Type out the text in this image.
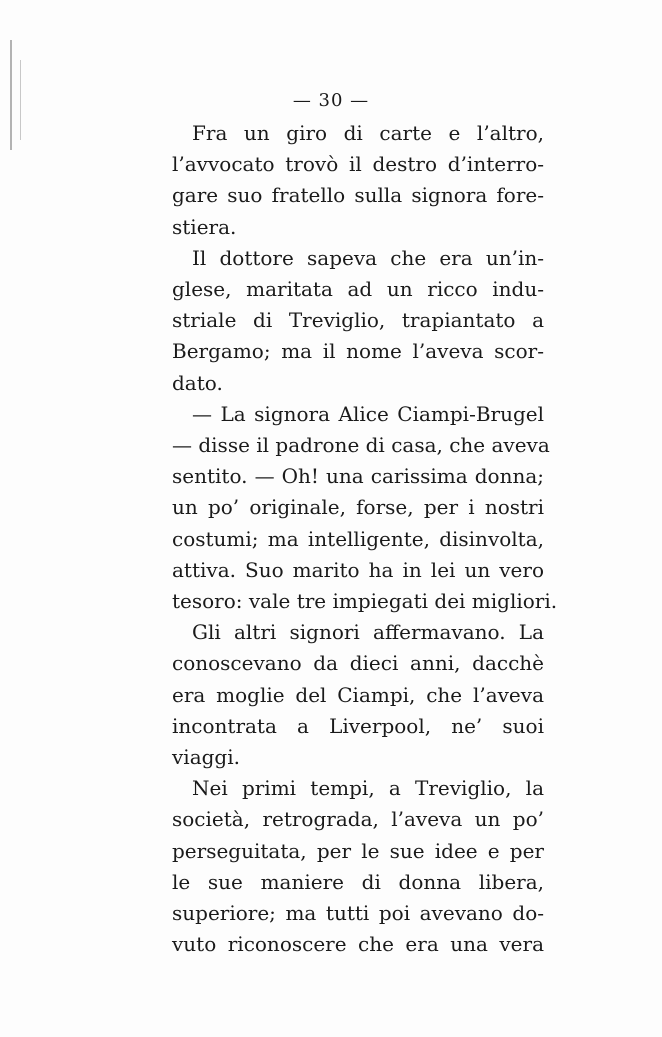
— 30 —
Fra un giro di carte e l’altro,
l’avvocato trovò il destro d’interro-
gare suo fratello sulla signora fore-
stiera.
Il dottore sapeva che era un’in-
glese, maritata ad un ricco indu-
striale di Treviglio, trapiantato a
Bergamo; ma il nome l’aveva scor-
dato.
— La signora Alice Ciampi-Brugel
— disse il padrone di casa, che aveva
sentito. — Oh! una carissima donna;
un po’ originale, forse, per i nostri
costumi; ma intelligente, disinvolta,
attiva. Suo marito ha in lei un vero
tesoro: vale tre impiegati dei migliori.
Gli altri signori affermavano. La
conoscevano da dieci anni, dacchè
era moglie del Ciampi, che l’aveva
incontrata a Liverpool, ne’ suoi
viaggi.
Nei primi tempi, a Treviglio, la
società, retrograda, l’aveva un po’
perseguitata, per le sue idee e per
le sue maniere di donna libera,
superiore; ma tutti poi avevano do-
vuto riconoscere che era una vera
